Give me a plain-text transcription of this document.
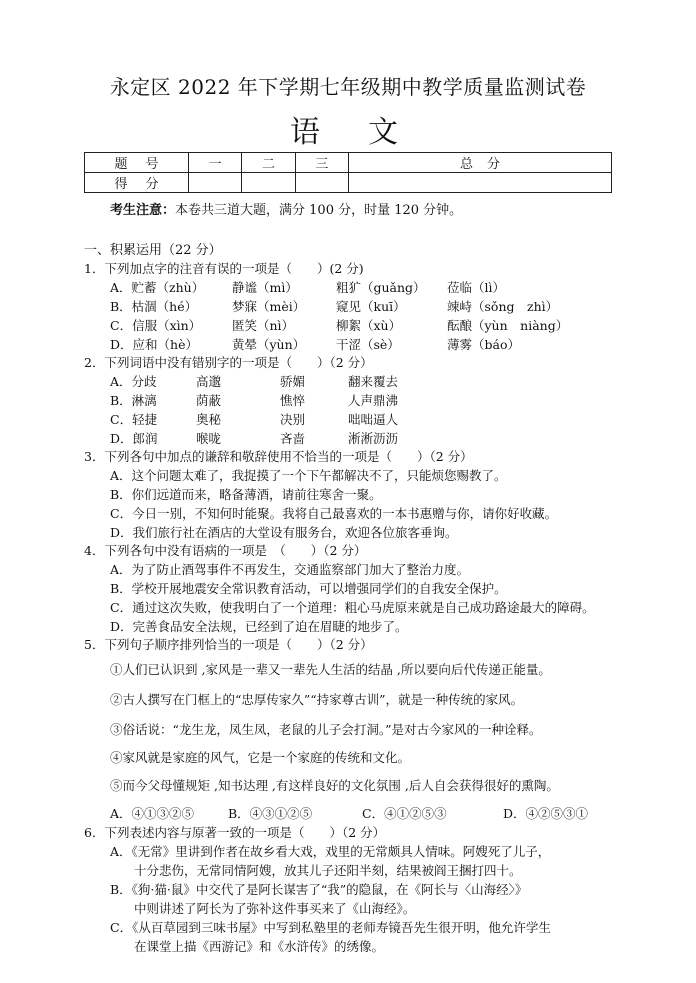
永定区 2022 年下学期七年级期中教学质量监测试卷
语文
题号	一	二	三	总分
得分				
考生注意：本卷共三道大题，满分 100 分，时量 120 分钟。
一、积累运用（22 分）
1．下列加点字的注音有误的一项是（　　）(2 分)
A．贮蓄（zhù） 静谧（mì）	粗犷（guǎng） 莅临（lì）
B．枯涸（hé）	梦寐（mèi） 窥见（kuī）	竦峙（sǒng　zhì）
C．信服（xìn） 匿笑（nì）	柳絮（xù）	酝酿（yùn　niàng）
D．应和（hè）	黄晕（yùn） 干涩（sè）	薄雾（báo）
2．下列词语中没有错别字的一项是（　　）（2 分）
A．分歧	高邈	骄媚	翻来覆去
B．淋漓	荫蔽	憔悴	人声鼎沸
C．轻捷	奥秘	决别	咄咄逼人
D．郎润	喉咙	吝啬	淅淅沥沥
3．下列各句中加点的谦辞和敬辞使用不恰当的一项是（　　）（2 分）
A．这个问题太难了，我捉摸了一个下午都解决不了，只能烦您赐教了。
B．你们远道而来，略备薄酒，请前往寒舍一聚。
C．今日一别，不知何时能聚。我将自己最喜欢的一本书惠赠与你，请你好收藏。
D．我们旅行社在酒店的大堂设有服务台，欢迎各位旅客垂询。
4．下列各句中没有语病的一项是　（　　）（2 分）
A．为了防止酒驾事件不再发生，交通监察部门加大了整治力度。
B．学校开展地震安全常识教育活动，可以增强同学们的自我安全保护。
C．通过这次失败，使我明白了一个道理：粗心马虎原来就是自己成功路途最大的障碍。
D．完善食品安全法规，已经到了迫在眉睫的地步了。
5．下列句子顺序排列恰当的一项是（　　）（2 分）
①人们已认识到 ,家风是一辈又一辈先人生活的结晶 ,所以要向后代传递正能量。
②古人撰写在门框上的“忠厚传家久”“持家尊古训”，就是一种传统的家风。
③俗话说：“龙生龙，凤生凤，老鼠的儿子会打洞。”是对古今家风的一种诠释。
④家风就是家庭的风气，它是一个家庭的传统和文化。
⑤而今父母懂规矩 ,知书达理 ,有这样良好的文化氛围 ,后人自会获得很好的熏陶。
A．④①③②⑤	B．④③①②⑤	C．④①②⑤③	D．④②⑤③①
6．下列表述内容与原著一致的一项是（　　）（2 分）
A．《无常》里讲到作者在故乡看大戏，戏里的无常颇具人情味。阿嫂死了儿子，
十分悲伤，无常同情阿嫂，放其儿子还阳半刻，结果被阎王捆打四十。
B．《狗·猫·鼠》中交代了是阿长谋害了“我”的隐鼠，在《阿长与〈山海经〉》
中则讲述了阿长为了弥补这件事买来了《山海经》。
C．《从百草园到三味书屋》中写到私塾里的老师寿镜吾先生很开明，他允许学生
在课堂上描《西游记》和《水浒传》的绣像。
